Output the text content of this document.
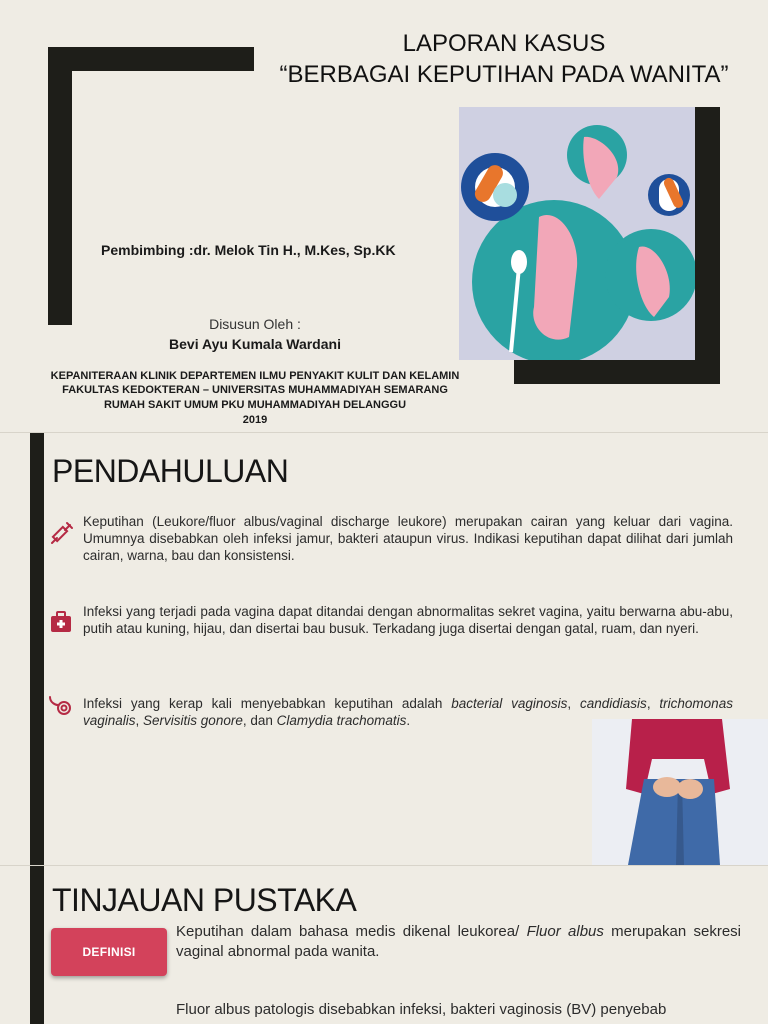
LAPORAN KASUS
“BERBAGAI KEPUTIHAN PADA WANITA”
Pembimbing :dr. Melok Tin H., M.Kes, Sp.KK
Disusun Oleh :
Bevi Ayu Kumala Wardani
KEPANITERAAN KLINIK DEPARTEMEN ILMU PENYAKIT KULIT DAN KELAMIN
FAKULTAS KEDOKTERAN – UNIVERSITAS MUHAMMADIYAH SEMARANG
RUMAH SAKIT UMUM PKU MUHAMMADIYAH DELANGGU
2019
PENDAHULUAN
Keputihan (Leukore/fluor albus/vaginal discharge leukore) merupakan cairan yang keluar dari vagina. Umumnya disebabkan oleh infeksi jamur, bakteri ataupun virus. Indikasi keputihan dapat dilihat dari jumlah cairan, warna, bau dan konsistensi.
Infeksi yang terjadi pada vagina dapat ditandai dengan abnormalitas sekret vagina, yaitu berwarna abu-abu, putih atau kuning, hijau, dan disertai bau busuk. Terkadang juga disertai dengan gatal, ruam, dan nyeri.
Infeksi yang kerap kali menyebabkan keputihan adalah bacterial vaginosis, candidiasis, trichomonas vaginalis, Servisitis gonore, dan Clamydia trachomatis.
TINJAUAN PUSTAKA
DEFINISI
Keputihan dalam bahasa medis dikenal leukorea/ Fluor albus merupakan sekresi vaginal abnormal pada wanita.
Fluor albus patologis disebabkan infeksi, bakteri vaginosis (BV) penyebab
